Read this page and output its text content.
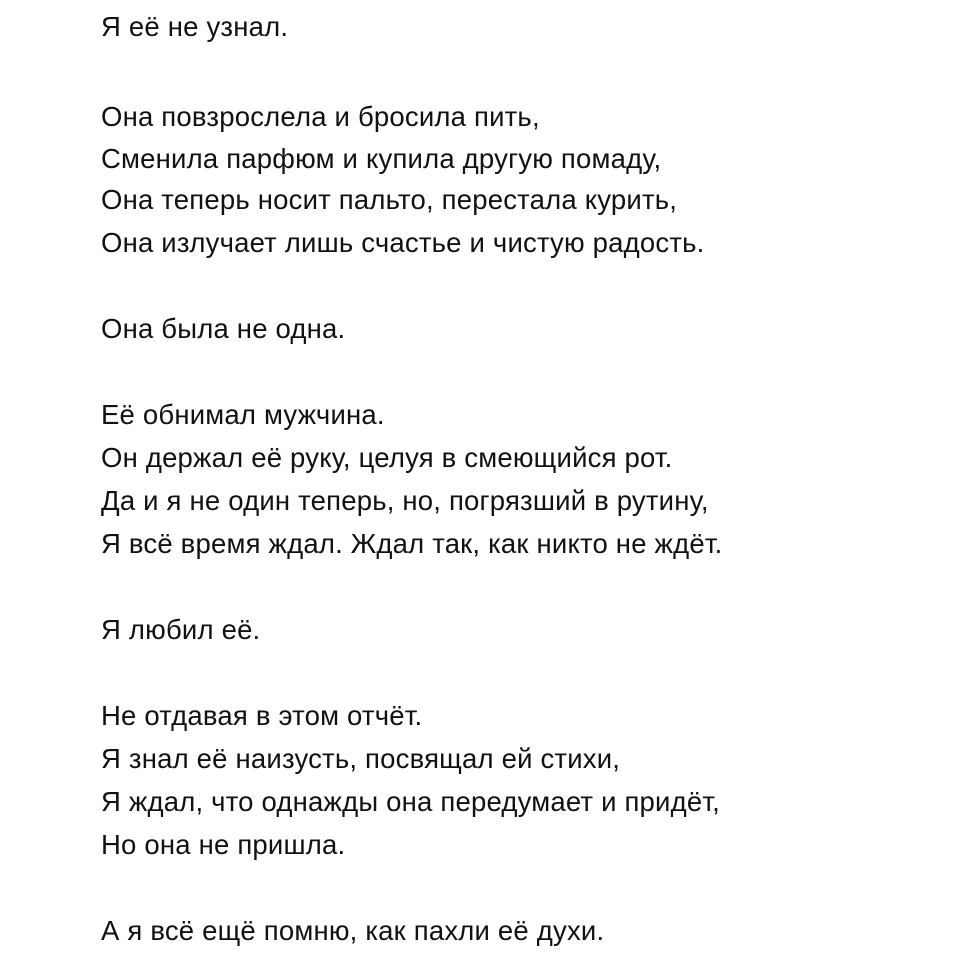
Я её не узнал.
Она повзрослела и бросила пить,
Сменила парфюм и купила другую помаду,
Она теперь носит пальто, перестала курить,
Она излучает лишь счастье и чистую радость.
Она была не одна.
Её обнимал мужчина.
Он держал её руку, целуя в смеющийся рот.
Да и я не один теперь, но, погрязший в рутину,
Я всё время ждал. Ждал так, как никто не ждёт.
Я любил её.
Не отдавая в этом отчёт.
Я знал её наизусть, посвящал ей стихи,
Я ждал, что однажды она передумает и придёт,
Но она не пришла.
А я всё ещё помню, как пахли её духи.
